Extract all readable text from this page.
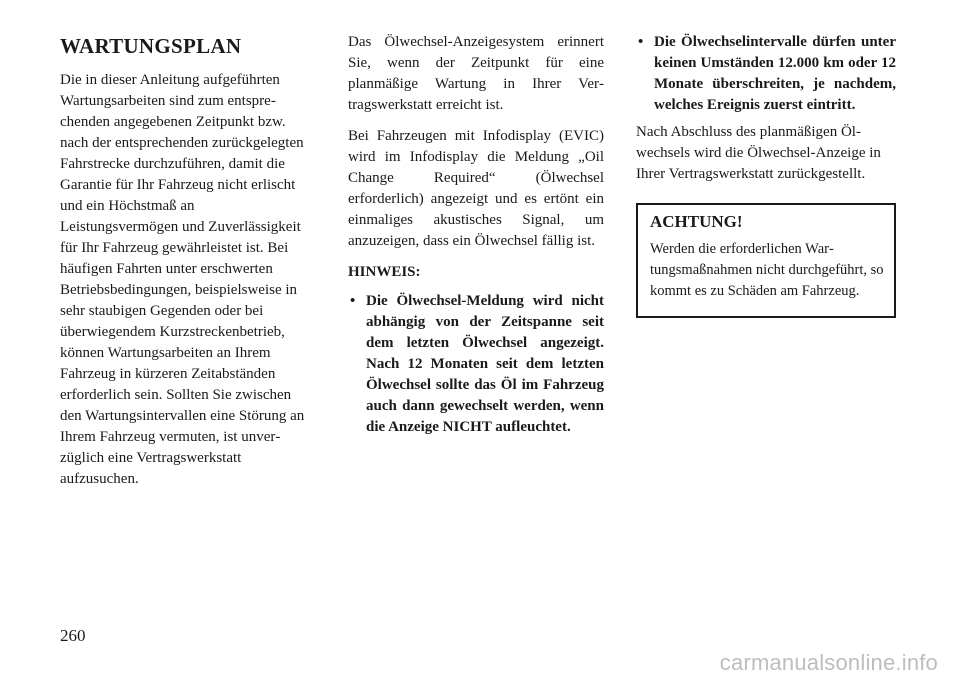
WARTUNGSPLAN

Die in dieser Anleitung aufgeführten Wartungsarbeiten sind zum entsprechenden angegebenen Zeitpunkt bzw. nach der entsprechenden zurückgelegten Fahrstrecke durchzuführen, damit die Garantie für Ihr Fahrzeug nicht erlischt und ein Höchstmaß an Leistungsvermögen und Zuverlässigkeit für Ihr Fahrzeug gewährleistet ist. Bei häufigen Fahrten unter erschwerten Betriebsbedingungen, beispielsweise in sehr staubigen Gegenden oder bei überwiegendem Kurzstreckenbetrieb, können Wartungsarbeiten an Ihrem Fahrzeug in kürzeren Zeitabständen erforderlich sein. Sollten Sie zwischen den Wartungsintervallen eine Störung an Ihrem Fahrzeug vermuten, ist unverzüglich eine Vertragswerkstatt aufzusuchen.

Das Ölwechsel-Anzeigesystem erinnert Sie, wenn der Zeitpunkt für eine planmäßige Wartung in Ihrer Vertragswerkstatt erreicht ist.

Bei Fahrzeugen mit Infodisplay (EVIC) wird im Infodisplay die Meldung „Oil Change Required“ (Ölwechsel erforderlich) angezeigt und es ertönt ein einmaliges akustisches Signal, um anzuzeigen, dass ein Ölwechsel fällig ist.

HINWEIS:
• Die Ölwechsel-Meldung wird nicht abhängig von der Zeitspanne seit dem letzten Ölwechsel angezeigt. Nach 12 Monaten seit dem letzten Ölwechsel sollte das Öl im Fahrzeug auch dann gewechselt werden, wenn die Anzeige NICHT aufleuchtet.
• Die Ölwechselintervalle dürfen unter keinen Umständen 12.000 km oder 12 Monate überschreiten, je nachdem, welches Ereignis zuerst eintritt.

Nach Abschluss des planmäßigen Ölwechsels wird die Ölwechsel-Anzeige in Ihrer Vertragswerkstatt zurückgestellt.

ACHTUNG!

Werden die erforderlichen Wartungsmaßnahmen nicht durchgeführt, so kommt es zu Schäden am Fahrzeug.

260
carmanualsonline.info
